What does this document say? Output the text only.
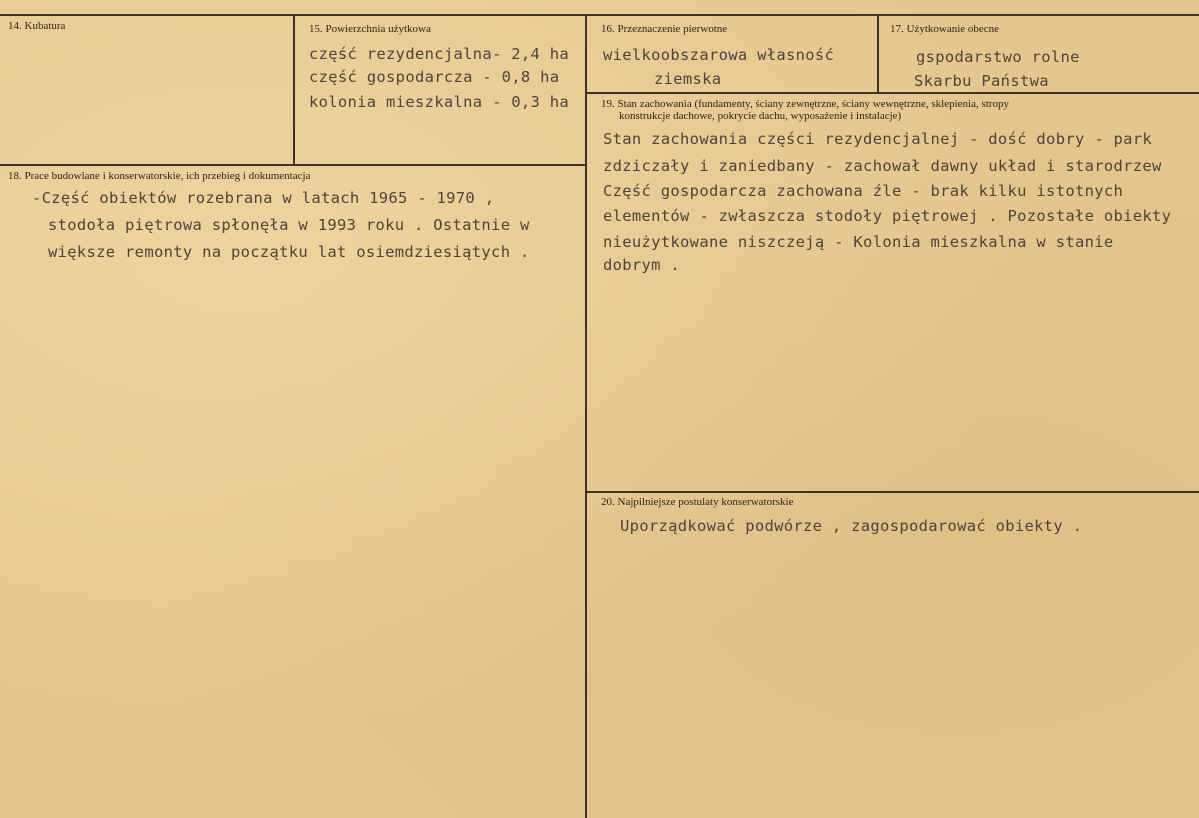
14. Kubatura	15. Powierzchnia użytkowa
część rezydencjalna- 2,4 ha
część gospodarcza - 0,8 ha
kolonia mieszkalna - 0,3 ha
16. Przeznaczenie pierwotne
wielkoobszarowa własność
ziemska
17. Użytkowanie obecne
gspodarstwo rolne
Skarbu Państwa
18. Prace budowlane i konserwatorskie, ich przebieg i dokumentacja
-Część obiektów rozebrana w latach 1965 - 1970 ,
stodoła piętrowa spłonęła w 1993 roku . Ostatnie w
większe remonty na początku lat osiemdziesiątych .
19. Stan zachowania (fundamenty, ściany zewnętrzne, ściany wewnętrzne, sklepienia, stropy
konstrukcje dachowe, pokrycie dachu, wyposażenie i instalacje)
Stan zachowania części rezydencjalnej - dość dobry - park
zdziczały i zaniedbany - zachował dawny układ i starodrzew
Część gospodarcza zachowana źle - brak kilku istotnych
elementów - zwłaszcza stodoły piętrowej . Pozostałe obiekty
nieużytkowane niszczeją - Kolonia mieszkalna w stanie
dobrym .
20. Najpilniejsze postulaty konserwatorskie
Uporządkować podwórze , zagospodarować obiekty .
